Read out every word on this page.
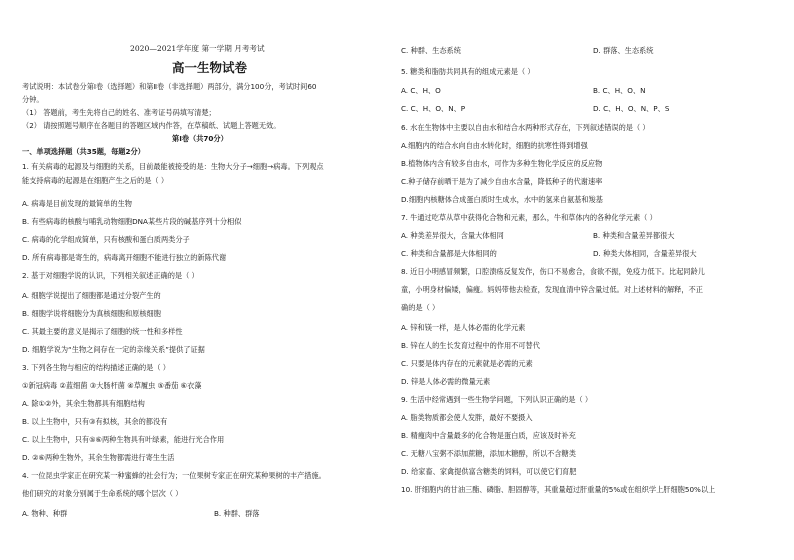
2020—2021学年度 第一学期 月考考试
高一生物试卷
考试说明：本试卷分第Ⅰ卷（选择题）和第Ⅱ卷（非选择题）两部分，满分100分，考试时间60
分钟。
（1） 答题前，考生先将自己的姓名、准考证号码填写清楚；
（2） 请按照题号顺序在各题目的答题区域内作答，在草稿纸、试题上答题无效。
第Ⅰ卷（共70分）
一、单项选择题（共35题，每题2分）
1. 有关病毒的起源及与细胞的关系，目前最能被接受的是：生物大分子→细胞→病毒。下列观点
能支持病毒的起源是在细胞产生之后的是（ ）
A. 病毒是目前发现的最简单的生物
B. 有些病毒的核酸与哺乳动物细胞DNA某些片段的碱基序列十分相似
C. 病毒的化学组成简单，只有核酸和蛋白质两类分子
D. 所有病毒都是寄生的，病毒离开细胞不能进行独立的新陈代谢
2. 基于对细胞学说的认识，下列相关叙述正确的是（ ）
A. 细胞学说提出了细胞都是通过分裂产生的
B. 细胞学说将细胞分为真核细胞和原核细胞
C. 其最主要的意义是揭示了细胞的统一性和多样性
D. 细胞学说为“生物之间存在一定的亲缘关系”提供了证据
3. 下列各生物与相应的结构描述正确的是（ ）
①新冠病毒 ②蓝细菌 ③大肠杆菌 ④草履虫 ⑤番茄 ⑥衣藻
A. 除①②外，其余生物都具有细胞结构
B. 以上生物中，只有③有拟核，其余的都没有
C. 以上生物中，只有⑤⑥两种生物具有叶绿素，能进行光合作用
D. ②⑥两种生物外，其余生物都需进行寄生生活
4. 一位昆虫学家正在研究某一种蜜蜂的社会行为；一位果树专家正在研究某种果树的丰产措施。
他们研究的对象分别属于生命系统的哪个层次（ ）
A. 物种、种群	B. 种群、群落
C. 种群、生态系统	D. 群落、生态系统
5. 糖类和脂肪共同具有的组成元素是（ ）
A. C、H、O	B. C、H、O、N
C. C、H、O、N、P	D. C、H、O、N、P、S
6. 水在生物体中主要以自由水和结合水两种形式存在，下列叙述错误的是（ ）
A.细胞内的结合水向自由水转化时，细胞的抗寒性得到增强
B.植物体内含有较多自由水，可作为多种生物化学反应的反应物
C.种子储存前晒干是为了减少自由水含量，降低种子的代谢速率
D.细胞内核糖体合成蛋白质时生成水，水中的氢来自氨基和羧基
7. 牛通过吃草从草中获得化合物和元素，那么，牛和草体内的各种化学元素（ ）
A. 种类差异很大，含量大体相同	B. 种类和含量差异都很大
C. 种类和含量都是大体相同的	D. 种类大体相同，含量差异很大
8. 近日小明感冒频繁，口腔溃疡反复发作，伤口不易愈合，食欲不振，免疫力低下。比起同龄儿
童，小明身材偏矮，偏瘦。妈妈带他去检查，发现血清中锌含量过低。对上述材料的解释，不正
确的是（ ）
A. 锌和镁一样，是人体必需的化学元素
B. 锌在人的生长发育过程中的作用不可替代
C. 只要是体内存在的元素就是必需的元素
D. 锌是人体必需的微量元素
9. 生活中经常遇到一些生物学问题，下列认识正确的是（ ）
A. 脂类物质都会使人发胖，最好不要摄入
B. 精瘦肉中含量最多的化合物是蛋白质，应该及时补充
C. 无糖八宝粥不添加蔗糖，添加木糖醇，所以不含糖类
D. 给家畜、家禽提供富含糖类的饲料，可以使它们育肥
10. 肝细胞内的甘油三酯、磷脂、胆固醇等，其重量超过肝重量的5%或在组织学上肝细胞50%以上
